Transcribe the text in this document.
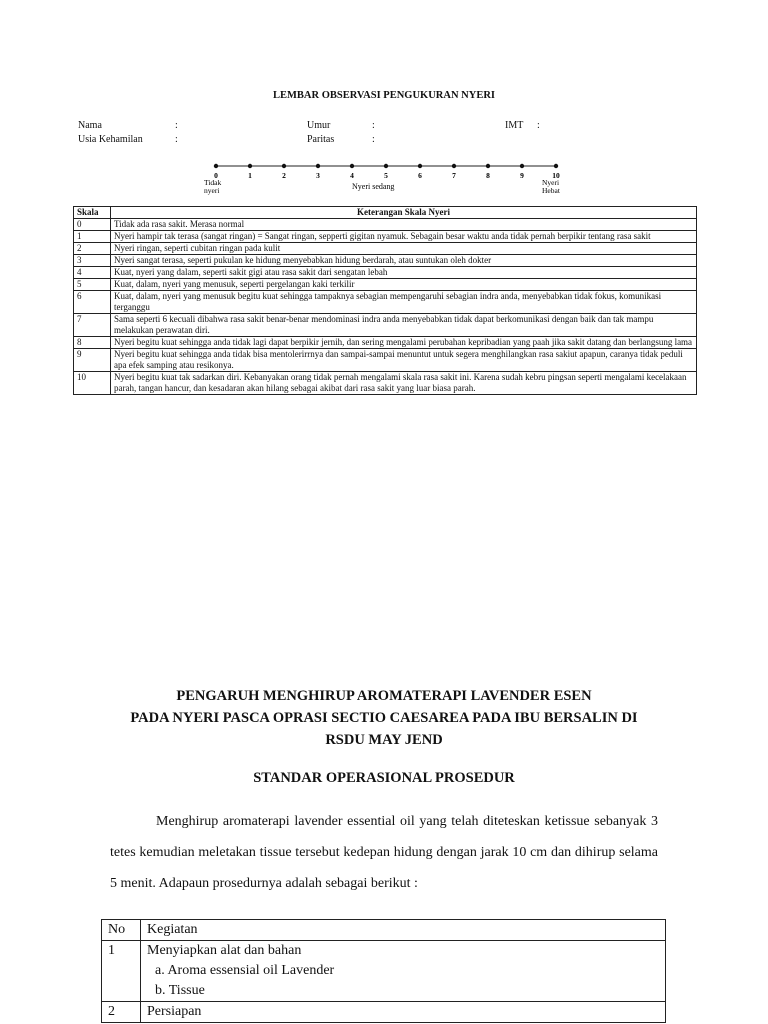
LEMBAR OBSERVASI PENGUKURAN NYERI
Nama	:	Umur	:	IMT :
Usia Kehamilan	:	Paritas	:
0	1	2	3	4	5	6	7	8	9	10
Tidak
nyeri	Nyeri sedang	Nyeri
Hebat
Skala	Keterangan Skala Nyeri
0	Tidak ada rasa sakit. Merasa normal
1	Nyeri hampir tak terasa (sangat ringan) = Sangat ringan, sepperti gigitan nyamuk. Sebagain besar waktu anda tidak pernah berpikir tentang rasa sakit
2	Nyeri ringan, seperti cubitan ringan pada kulit
3	Nyeri sangat terasa, seperti pukulan ke hidung menyebabkan hidung berdarah, atau suntukan oleh dokter
4	Kuat, nyeri yang dalam, seperti sakit gigi atau rasa sakit dari sengatan lebah
5	Kuat, dalam, nyeri yang menusuk, seperti pergelangan kaki terkilir
6	Kuat, dalam, nyeri yang menusuk begitu kuat sehingga tampaknya sebagian mempengaruhi sebagian indra anda, menyebabkan tidak fokus, komunikasi terganggu
7	Sama seperti 6 kecuali dibahwa rasa sakit benar-benar mendominasi indra anda menyebabkan tidak dapat berkomunikasi dengan baik dan tak mampu melakukan perawatan diri.
8	Nyeri begitu kuat sehingga anda tidak lagi dapat berpikir jernih, dan sering mengalami perubahan kepribadian yang paah jika sakit datang dan berlangsung lama
9	Nyeri begitu kuat sehingga anda tidak bisa mentolerirrnya dan sampai-sampai menuntut untuk segera menghilangkan rasa sakiut apapun, caranya tidak peduli apa efek samping atau resikonya.
10	Nyeri begitu kuat tak sadarkan diri. Kebanyakan orang tidak pernah mengalami skala rasa sakit ini. Karena sudah kebru pingsan seperti mengalami kecelakaan parah, tangan hancur, dan kesadaran akan hilang sebagai akibat dari rasa sakit yang luar biasa parah.
PENGARUH MENGHIRUP AROMATERAPI LAVENDER ESEN
PADA NYERI PASCA OPRASI SECTIO CAESAREA PADA IBU BERSALIN DI
RSDU MAY JEND
STANDAR OPERASIONAL PROSEDUR
Menghirup aromaterapi lavender essential oil yang telah diteteskan ketissue sebanyak 3 tetes kemudian meletakan tissue tersebut kedepan hidung dengan jarak 10 cm dan dihirup selama 5 menit. Adapaun prosedurnya adalah sebagai berikut :
No	Kegiatan
1	Menyiapkan alat dan bahan
a. Aroma essensial oil Lavender
b. Tissue

2	Persiapan
